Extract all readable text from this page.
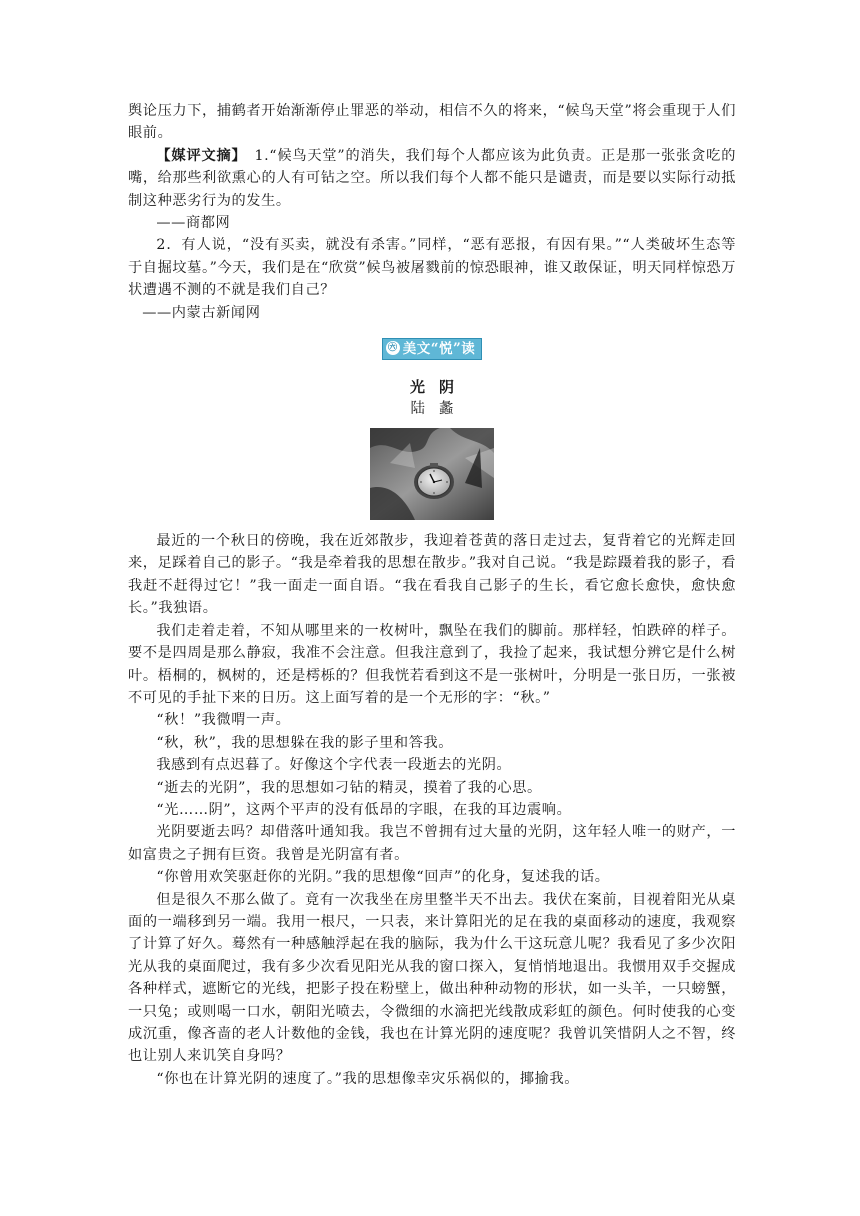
舆论压力下，捕鹤者开始渐渐停止罪恶的举动，相信不久的将来，“候鸟天堂”将会重现于人们眼前。

【媒评文摘】　1.“候鸟天堂”的消失，我们每个人都应该为此负责。正是那一张张贪吃的嘴，给那些利欲熏心的人有可钻之空。所以我们每个人都不能只是谴责，而是要以实际行动抵制这种恶劣行为的发生。

——商都网

2．有人说，“没有买卖，就没有杀害。”同样，“恶有恶报，有因有果。”“人类破坏生态等于自掘坟墓。”今天，我们是在“欣赏”候鸟被屠戮前的惊恐眼神，谁又敢保证，明天同样惊恐万状遭遇不测的不就是我们自己？

——内蒙古新闻网

㊅ 美文“悦”读
光阴
陆蠡

最近的一个秋日的傍晚，我在近郊散步，我迎着苍黄的落日走过去，复背着它的光辉走回来，足踩着自己的影子。“我是牵着我的思想在散步。”我对自己说。“我是踪蹑着我的影子，看我赶不赶得过它！”我一面走一面自语。“我在看我自己影子的生长，看它愈长愈快，愈快愈长。”我独语。

我们走着走着，不知从哪里来的一枚树叶，飘坠在我们的脚前。那样轻，怕跌碎的样子。要不是四周是那么静寂，我准不会注意。但我注意到了，我捡了起来，我试想分辨它是什么树叶。梧桐的，枫树的，还是樗栎的？但我恍若看到这不是一张树叶，分明是一张日历，一张被不可见的手扯下来的日历。这上面写着的是一个无形的字：“秋。”

“秋！”我微喟一声。

“秋，秋”，我的思想躲在我的影子里和答我。

我感到有点迟暮了。好像这个字代表一段逝去的光阴。

“逝去的光阴”，我的思想如刁钻的精灵，摸着了我的心思。

“光……阴”，这两个平声的没有低昂的字眼，在我的耳边震响。

光阴要逝去吗？却借落叶通知我。我岂不曾拥有过大量的光阴，这年轻人唯一的财产，一如富贵之子拥有巨资。我曾是光阴富有者。

“你曾用欢笑驱赶你的光阴。”我的思想像“回声”的化身，复述我的话。

但是很久不那么做了。竟有一次我坐在房里整半天不出去。我伏在案前，目视着阳光从桌面的一端移到另一端。我用一根尺，一只表，来计算阳光的足在我的桌面移动的速度，我观察了计算了好久。蓦然有一种感触浮起在我的脑际，我为什么干这玩意儿呢？我看见了多少次阳光从我的桌面爬过，我有多少次看见阳光从我的窗口探入，复悄悄地退出。我惯用双手交握成各种样式，遮断它的光线，把影子投在粉壁上，做出种种动物的形状，如一头羊，一只螃蟹，一只兔；或则喝一口水，朝阳光喷去，令微细的水滴把光线散成彩虹的颜色。何时使我的心变成沉重，像吝啬的老人计数他的金钱，我也在计算光阴的速度呢？我曾讥笑惜阴人之不智，终也让别人来讥笑自身吗？

“你也在计算光阴的速度了。”我的思想像幸灾乐祸似的，揶揄我。
